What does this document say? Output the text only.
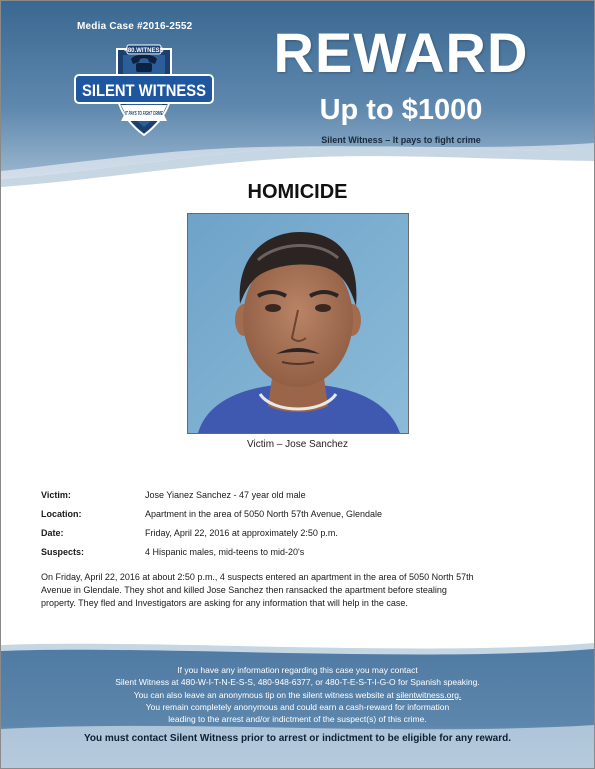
Media Case #2016-2552
480.WITNESS
SILENT WITNESS
IT PAYS TO FIGHT CRIME
REWARD
Up to $1000
Silent Witness – It pays to fight crime
HOMICIDE
Victim – Jose Sanchez
Victim:	Jose Yianez Sanchez - 47 year old male
Location:	Apartment in the area of 5050 North 57th Avenue, Glendale
Date:	Friday, April 22, 2016 at approximately 2:50 p.m.
Suspects:	4 Hispanic males, mid-teens to mid-20's
On Friday, April 22, 2016 at about 2:50 p.m., 4 suspects entered an apartment in the area of 5050 North 57th
Avenue in Glendale. They shot and killed Jose Sanchez then ransacked the apartment before stealing
property. They fled and Investigators are asking for any information that will help in the case.
If you have any information regarding this case you may contact
Silent Witness at 480-W-I-T-N-E-S-S, 480-948-6377, or 480-T-E-S-T-I-G-O for Spanish speaking.
You can also leave an anonymous tip on the silent witness website at silentwitness.org.
You remain completely anonymous and could earn a cash-reward for information
leading to the arrest and/or indictment of the suspect(s) of this crime.
You must contact Silent Witness prior to arrest or indictment to be eligible for any reward.
